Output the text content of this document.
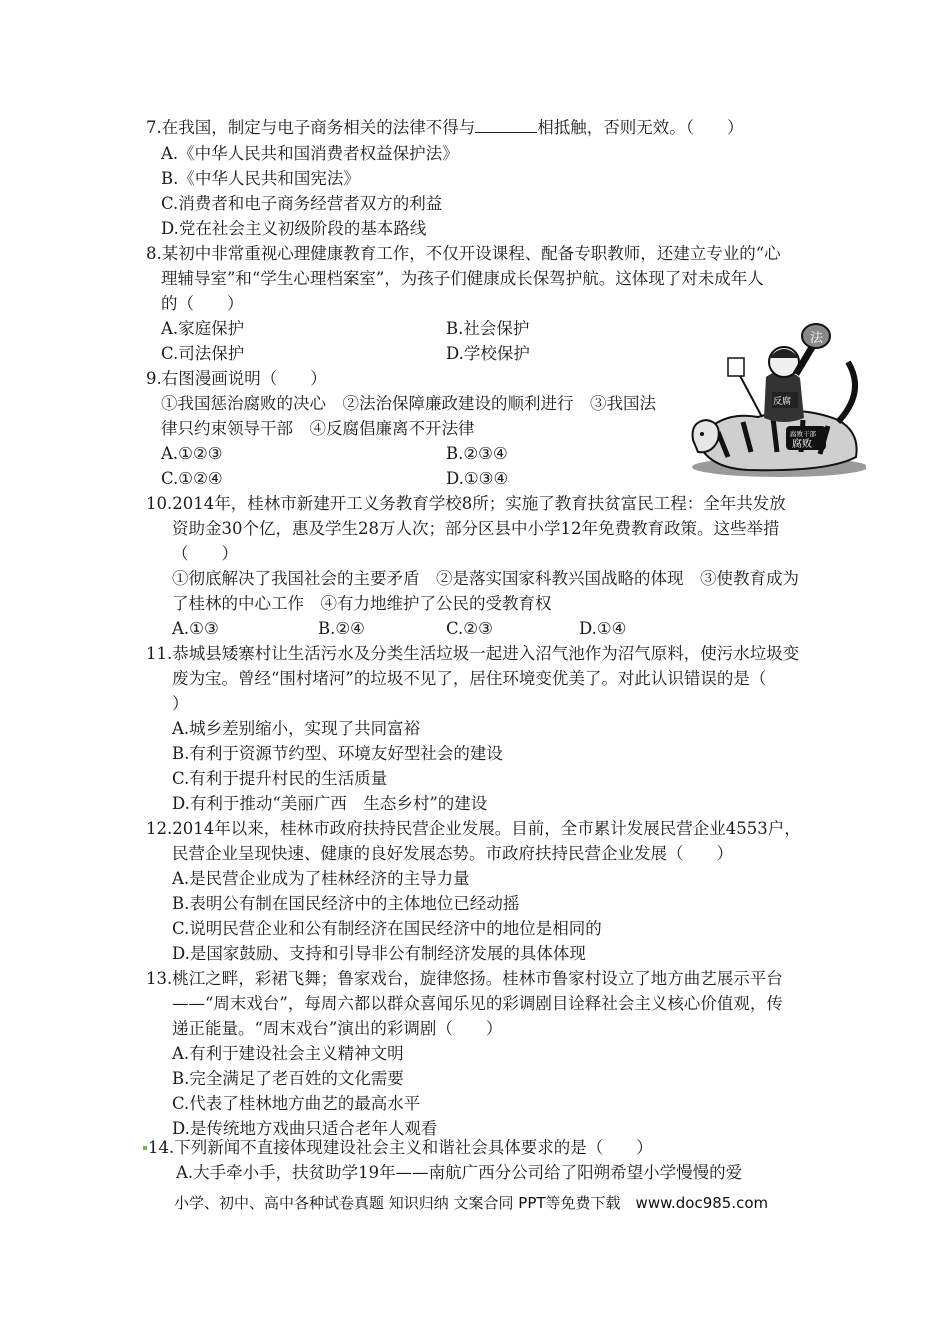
7.在我国，制定与电子商务相关的法律不得与	相抵触，否则无效。（　　）
A.《中华人民共和国消费者权益保护法》
B.《中华人民共和国宪法》
C.消费者和电子商务经营者双方的利益
D.党在社会主义初级阶段的基本路线
8.某初中非常重视心理健康教育工作，不仅开设课程、配备专职教师，还建立专业的“心
理辅导室”和“学生心理档案室”，为孩子们健康成长保驾护航。这体现了对未成年人
的（　　）
A.家庭保护	B.社会保护
C.司法保护	D.学校保护
9.右图漫画说明（　　）
①我国惩治腐败的决心　②法治保障廉政建设的顺利进行　③我国法
律只约束领导干部　④反腐倡廉离不开法律
A.①②③	B.②③④
C.①②④	D.①③④
法
反腐
腐败干部
腐败
10.2014年，桂林市新建开工义务教育学校8所；实施了教育扶贫富民工程：全年共发放
资助金30个亿，惠及学生28万人次；部分区县中小学12年免费教育政策。这些举措
（　　）
①彻底解决了我国社会的主要矛盾　②是落实国家科教兴国战略的体现　③使教育成为
了桂林的中心工作　④有力地维护了公民的受教育权
A.①③	B.②④	C.②③	D.①④
11.恭城县矮寨村让生活污水及分类生活垃圾一起进入沼气池作为沼气原料，使污水垃圾变
废为宝。曾经“围村堵河”的垃圾不见了，居住环境变优美了。对此认识错误的是（
）
A.城乡差别缩小，实现了共同富裕
B.有利于资源节约型、环境友好型社会的建设
C.有利于提升村民的生活质量
D.有利于推动“美丽广西　生态乡村”的建设
12.2014年以来，桂林市政府扶持民营企业发展。目前，全市累计发展民营企业4553户，
民营企业呈现快速、健康的良好发展态势。市政府扶持民营企业发展（　　）
A.是民营企业成为了桂林经济的主导力量
B.表明公有制在国民经济中的主体地位已经动摇
C.说明民营企业和公有制经济在国民经济中的地位是相同的
D.是国家鼓励、支持和引导非公有制经济发展的具体体现
13.桃江之畔，彩裙飞舞；鲁家戏台，旋律悠扬。桂林市鲁家村设立了地方曲艺展示平台
——“周末戏台”，每周六都以群众喜闻乐见的彩调剧目诠释社会主义核心价值观，传
递正能量。“周末戏台”演出的彩调剧（　　）
A.有利于建设社会主义精神文明
B.完全满足了老百姓的文化需要
C.代表了桂林地方曲艺的最高水平
D.是传统地方戏曲只适合老年人观看
14.下列新闻不直接体现建设社会主义和谐社会具体要求的是（　　）
A.大手牵小手，扶贫助学19年——南航广西分公司给了阳朔希望小学慢慢的爱
小学、初中、高中各种试卷真题 知识归纳 文案合同 PPT等免费下载　www.doc985.com
